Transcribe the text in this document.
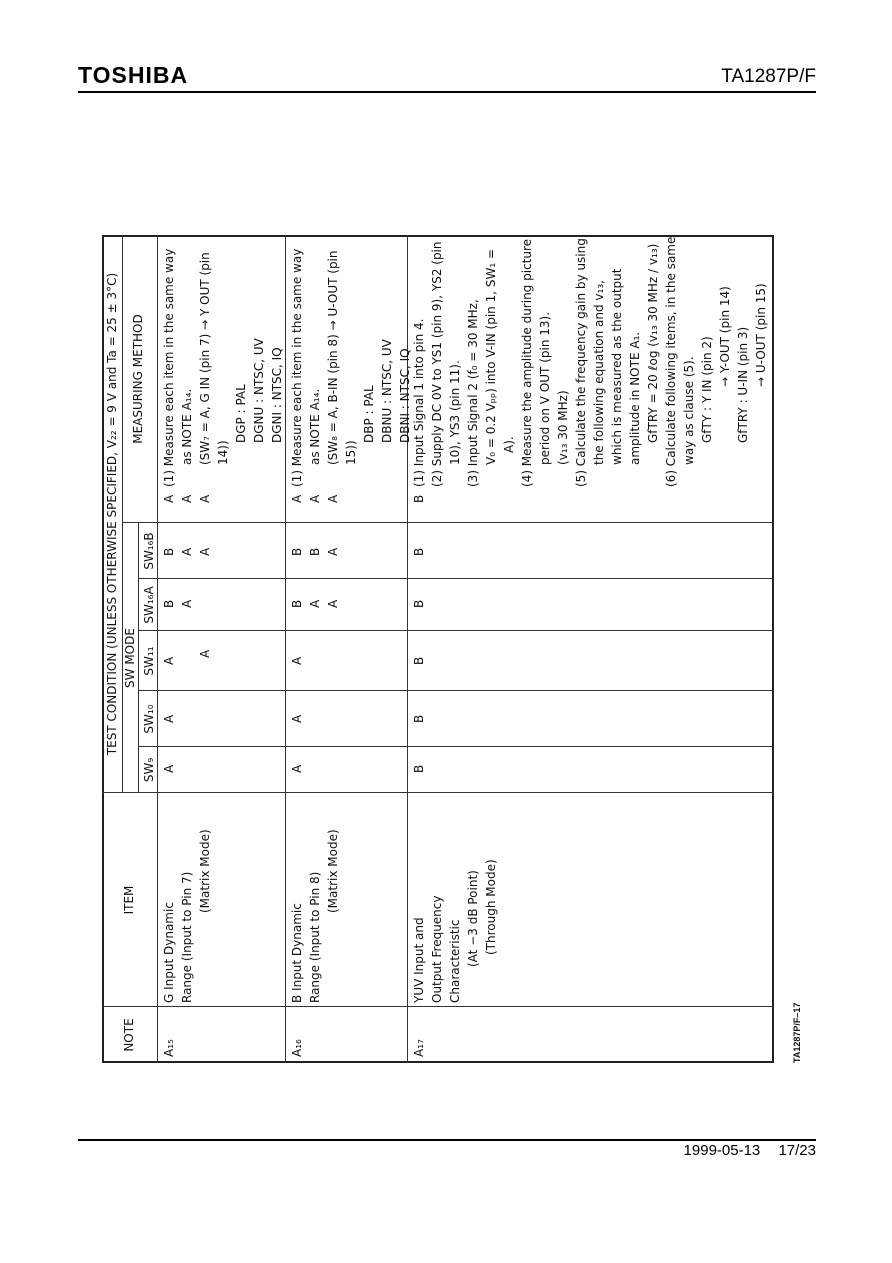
TOSHIBA	TA1287P/F
NOTE
ITEM
TEST CONDITION (UNLESS OTHERWISE SPECIFIED, V₂₂ = 9 V and Ta = 25 ± 3°C) SW MODE
MEASURING METHOD
SW₉
SW₁₀
SW₁₁
SW₁₆A
SW₁₆B
A₁₅
G Input Dynamic Range (Input to Pin 7)
(Matrix Mode)
A
A
A
B A
A
B A A
A A A
(1) Measure each item in the same way as NOTE A₁₄. (SW₇ = A, G IN (pin 7) → Y OUT (pin 14))
DGP : PAL DGNU : NTSC, UV DGNI : NTSC, IQ
A₁₆
B Input Dynamic Range (Input to Pin 8)
(Matrix Mode)
A
A
A
B A A
B B A
A A A
(1) Measure each item in the same way as NOTE A₁₄. (SW₈ = A, B-IN (pin 8) → U-OUT (pin 15))
DBP : PAL DBNU : NTSC, UV DBNI : NTSC, IQ
A₁₇
YUV Input and Output Frequency Characteristic (At −3 dB Point) (Through Mode)
B
B
B
B
B
B
(1) Input Signal 1 into pin 4. (2) Supply DC 0V to YS1 (pin 9), YS2 (pin 10), YS3 (pin 11). (3) Input Signal 2 (f₀ = 30 MHz, V₀ = 0.2 Vₚₚ) into V-IN (pin 1, SW₁ = A). (4) Measure the amplitude during picture period on V OUT (pin 13). (v₁₃ 30 MHz) (5) Calculate the frequency gain by using the following equation and v₁₃, which is measured as the output amplitude in NOTE A₁. GfTRY = 20 ℓog (v₁₃ 30 MHz / v₁₃) (6) Calculate following items, in the same way as clause (5). GfTY : Y IN (pin 2) → Y-OUT (pin 14) GfTRY : U-IN (pin 3) → U-OUT (pin 15)
TA1287P/F–17
1999-05-13 17/23
